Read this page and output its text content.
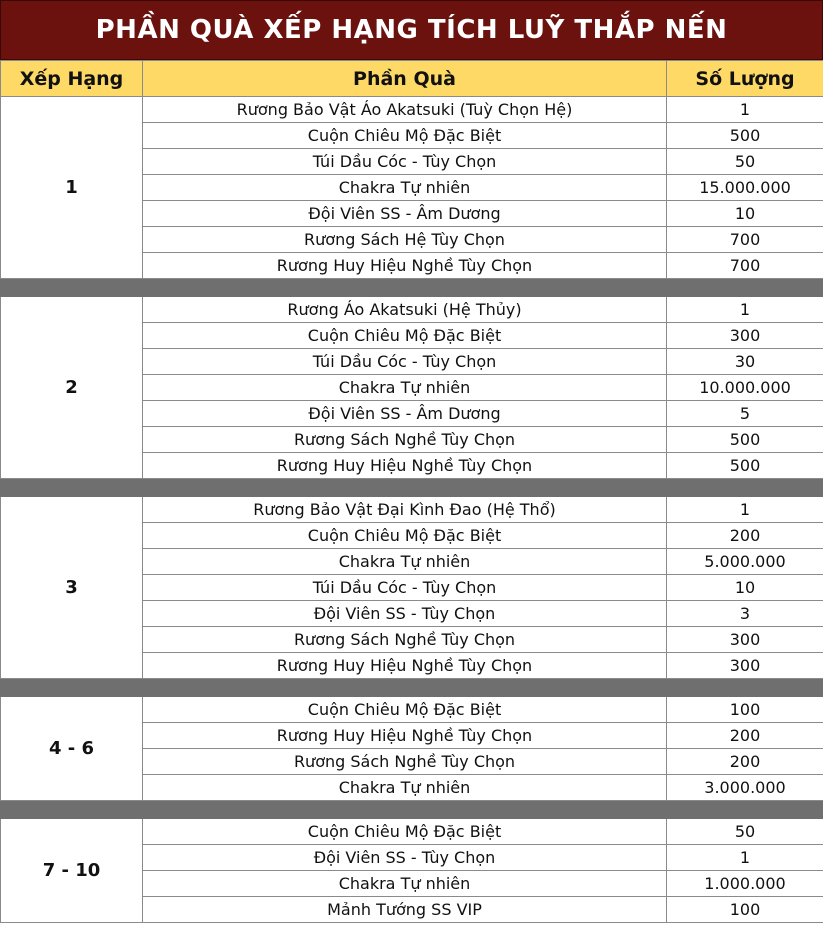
PHẦN QUÀ XẾP HẠNG TÍCH LUỸ THẮP NẾN
Xếp Hạng	Phần Quà	Số Lượng
1	Rương Bảo Vật Áo Akatsuki (Tuỳ Chọn Hệ)	1
	Cuộn Chiêu Mộ Đặc Biệt	500
	Túi Dầu Cóc - Tùy Chọn	50
	Chakra Tự nhiên	15.000.000
	Đội Viên SS - Âm Dương	10
	Rương Sách Hệ Tùy Chọn	700
	Rương Huy Hiệu Nghề Tùy Chọn	700

2	Rương Áo Akatsuki (Hệ Thủy)	1
	Cuộn Chiêu Mộ Đặc Biệt	300
	Túi Dầu Cóc - Tùy Chọn	30
	Chakra Tự nhiên	10.000.000
	Đội Viên SS - Âm Dương	5
	Rương Sách Nghề Tùy Chọn	500
	Rương Huy Hiệu Nghề Tùy Chọn	500

3	Rương Bảo Vật Đại Kình Đao (Hệ Thổ)	1
	Cuộn Chiêu Mộ Đặc Biệt	200
	Chakra Tự nhiên	5.000.000
	Túi Dầu Cóc - Tùy Chọn	10
	Đội Viên SS - Tùy Chọn	3
	Rương Sách Nghề Tùy Chọn	300
	Rương Huy Hiệu Nghề Tùy Chọn	300

4 - 6	Cuộn Chiêu Mộ Đặc Biệt	100
	Rương Huy Hiệu Nghề Tùy Chọn	200
	Rương Sách Nghề Tùy Chọn	200
	Chakra Tự nhiên	3.000.000

7 - 10	Cuộn Chiêu Mộ Đặc Biệt	50
	Đội Viên SS - Tùy Chọn	1
	Chakra Tự nhiên	1.000.000
	Mảnh Tướng SS VIP	100
